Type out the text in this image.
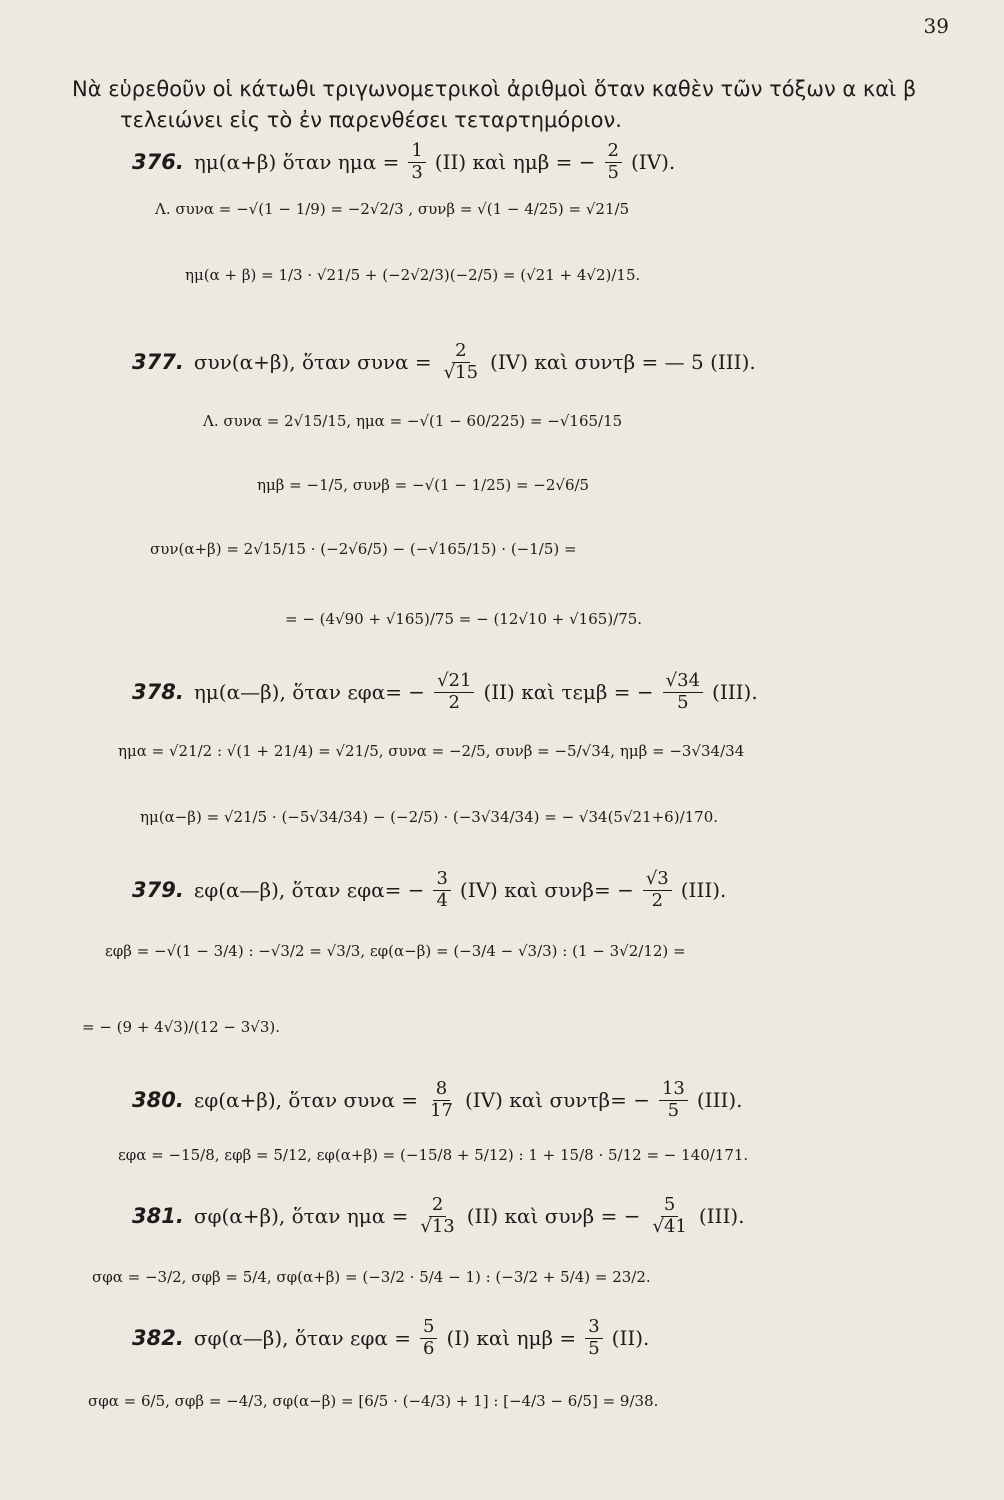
39
Νὰ εὑρεθοῦν οἱ κάτωθι τριγωνομετρικοὶ ἀριθμοὶ ὅταν καθὲν τῶν τόξων α καὶ β
τελειώνει εἰς τὸ ἐν παρενθέσει τεταρτημόριον.
376. ημ(α+β) ὅταν $\eta\mu\alpha = \frac{1}{3} (II)$ καὶ ημβ = − $\frac{2}{5} (IV)$.
Λ. συνα = −√(1 − 1/9) = −2√2/3 , συνβ = √(1 − 4/25) = √21/5
ημ(α + β) = 1/3 · √21/5 + (−2√2/3)(−2/5) = (√21 + 4√2)/15.
377. συν(α+β), ὅταν $\sigma\upsilon\nu\alpha = \frac{2}{√15} (IV)$ καὶ συντβ = — 5 (III).
Λ. συνα = 2√15/15, ημα = −√(1 − 60/225) = −√165/15
ημβ = −1/5, συνβ = −√(1 − 1/25) = −2√6/5
συν(α+β) = 2√15/15 · (−2√6/5) − (−√165/15) · (−1/5) =
= − (4√90 + √165)/75 = − (12√10 + √165)/75.
378. ημ(α—β), ὅταν $\varepsilon\varphi\alpha= - \frac{√21}{2} (II)$ καὶ τεμβ = − $\frac{√34}{5} (III)$.
ημα = √21/2 : √(1 + 21/4) = √21/5, συνα = −2/5, συνβ = −5/√34, ημβ = −3√34/34
ημ(α−β) = √21/5 · (−5√34/34) − (−2/5) · (−3√34/34) = − √34(5√21+6)/170.
379. εφ(α—β), ὅταν $\varepsilon\varphi\alpha= - \frac{3}{4} (IV)$ καὶ $\sigma\upsilon\nu\beta= - \frac{√3}{2} (III)$.
εφβ = −√(1 − 3/4) : −√3/2 = √3/3, εφ(α−β) = (−3/4 − √3/3) : (1 − 3√2/12) =
= − (9 + 4√3)/(12 − 3√3).
380. εφ(α+β), ὅταν $\sigma\upsilon\nu\alpha = \frac{8}{17} (IV)$ καὶ $\sigma\upsilon\nu\tau\beta= - \frac{13}{5} (III)$.
εφα = −15/8, εφβ = 5/12, εφ(α+β) = (−15/8 + 5/12) : 1 + 15/8 · 5/12 = − 140/171.
381. σφ(α+β), ὅταν $\eta\mu\alpha = \frac{2}{√13} (II)$ καὶ συνβ = − $\frac{5}{√41} (III)$.
σφα = −3/2, σφβ = 5/4, σφ(α+β) = (−3/2 · 5/4 − 1) : (−3/2 + 5/4) = 23/2.
382. σφ(α—β), ὅταν $\varepsilon\varphi\alpha = \frac{5}{6} (I)$ καὶ $\eta\mu\beta = \frac{3}{5} (II)$.
σφα = 6/5, σφβ = −4/3, σφ(α−β) = [6/5 · (−4/3) + 1] : [−4/3 − 6/5] = 9/38.
